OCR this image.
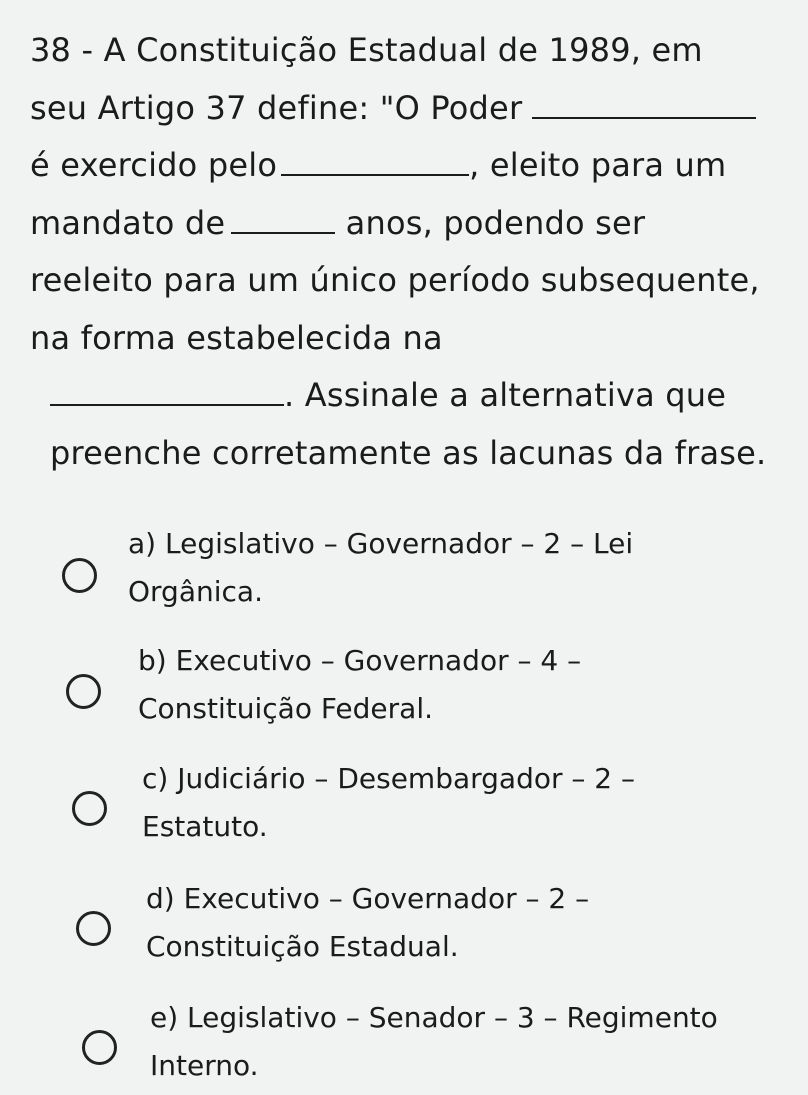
38 - A Constituição Estadual de 1989, em
seu Artigo 37 define: "O Poder
é exercido pelo	, eleito para um
mandato de	anos, podendo ser
reeleito para um único período subsequente,
na forma estabelecida na
. Assinale a alternativa que
preenche corretamente as lacunas da frase.
a) Legislativo – Governador – 2 – Lei
Orgânica.
b) Executivo – Governador – 4 –
Constituição Federal.
c) Judiciário – Desembargador – 2 –
Estatuto.
d) Executivo – Governador – 2 –
Constituição Estadual.
e) Legislativo – Senador – 3 – Regimento
Interno.
